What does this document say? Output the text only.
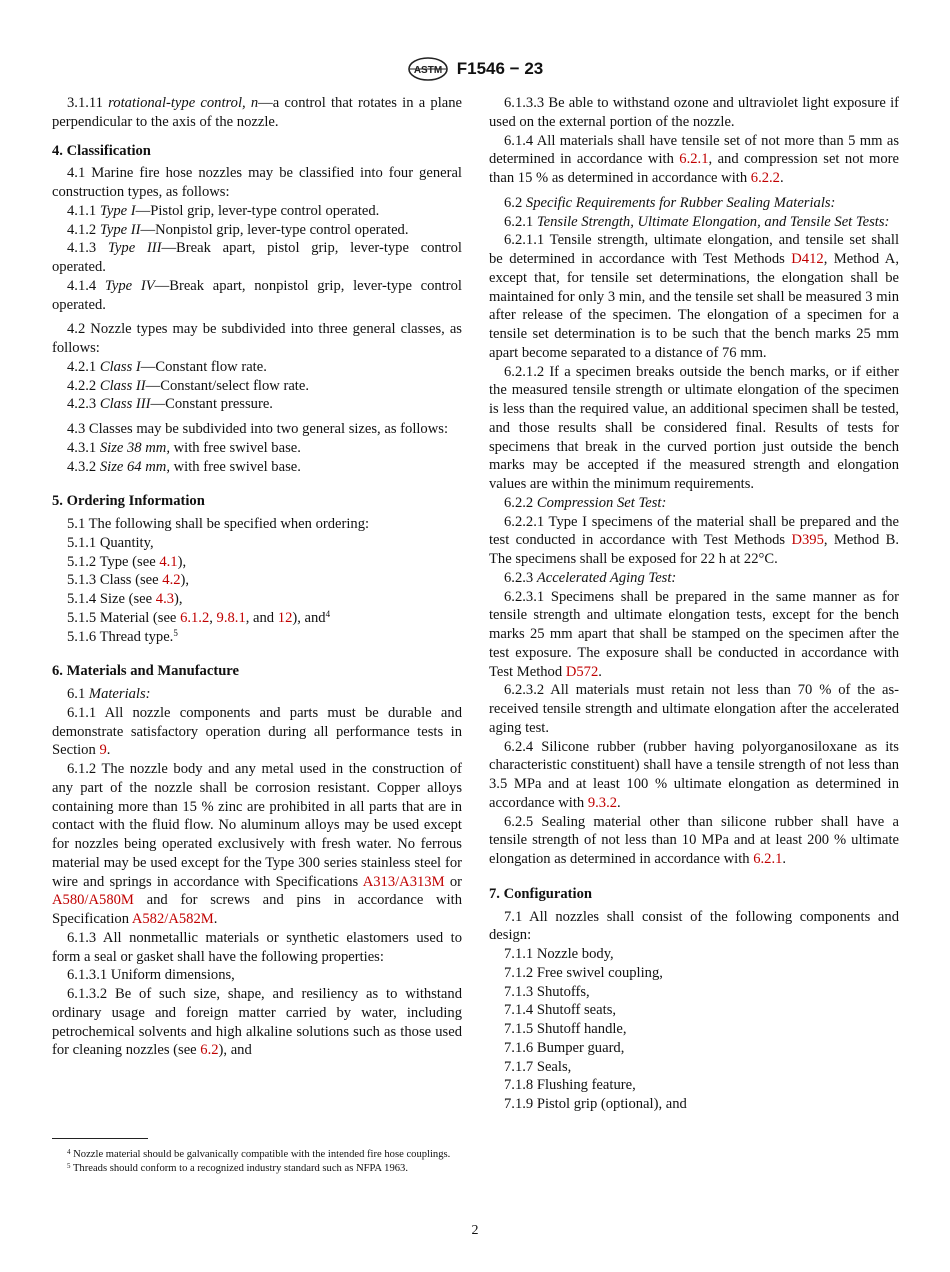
ASTM F1546 − 23

3.1.11 rotational-type control, n—a control that rotates in a plane perpendicular to the axis of the nozzle.

4. Classification

4.1 Marine fire hose nozzles may be classified into four general construction types, as follows:

4.1.1 Type I—Pistol grip, lever-type control operated.

4.1.2 Type II—Nonpistol grip, lever-type control operated.

4.1.3 Type III—Break apart, pistol grip, lever-type control operated.

4.1.4 Type IV—Break apart, nonpistol grip, lever-type control operated.

4.2 Nozzle types may be subdivided into three general classes, as follows:

4.2.1 Class I—Constant flow rate.

4.2.2 Class II—Constant/select flow rate.

4.2.3 Class III—Constant pressure.

4.3 Classes may be subdivided into two general sizes, as follows:

4.3.1 Size 38 mm, with free swivel base.

4.3.2 Size 64 mm, with free swivel base.

5. Ordering Information

5.1 The following shall be specified when ordering:

5.1.1 Quantity,

5.1.2 Type (see 4.1),

5.1.3 Class (see 4.2),

5.1.4 Size (see 4.3),

5.1.5 Material (see 6.1.2, 9.8.1, and 12), and$^4$

5.1.6 Thread type.$^5$

6. Materials and Manufacture

6.1 Materials:

6.1.1 All nozzle components and parts must be durable and demonstrate satisfactory operation during all performance tests in Section 9.

6.1.2 The nozzle body and any metal used in the construction of any part of the nozzle shall be corrosion resistant. Copper alloys containing more than 15 % zinc are prohibited in all parts that are in contact with the fluid flow. No aluminum alloys may be used except for nozzles being operated exclusively with fresh water. No ferrous material may be used except for the Type 300 series stainless steel for wire and springs in accordance with Specifications A313/A313M or A580/A580M and for screws and pins in accordance with Specification A582/A582M.

6.1.3 All nonmetallic materials or synthetic elastomers used to form a seal or gasket shall have the following properties:

6.1.3.1 Uniform dimensions,

6.1.3.2 Be of such size, shape, and resiliency as to withstand ordinary usage and foreign matter carried by water, including petrochemical solvents and high alkaline solutions such as those used for cleaning nozzles (see 6.2), and

6.1.3.3 Be able to withstand ozone and ultraviolet light exposure if used on the external portion of the nozzle.

6.1.4 All materials shall have tensile set of not more than 5 mm as determined in accordance with 6.2.1, and compression set not more than 15 % as determined in accordance with 6.2.2.

6.2 Specific Requirements for Rubber Sealing Materials:

6.2.1 Tensile Strength, Ultimate Elongation, and Tensile Set Tests:

6.2.1.1 Tensile strength, ultimate elongation, and tensile set shall be determined in accordance with Test Methods D412, Method A, except that, for tensile set determinations, the elongation shall be maintained for only 3 min, and the tensile set shall be measured 3 min after release of the specimen. The elongation of a specimen for a tensile set determination is to be such that the bench marks 25 mm apart become separated to a distance of 76 mm.

6.2.1.2 If a specimen breaks outside the bench marks, or if either the measured tensile strength or ultimate elongation of the specimen is less than the required value, an additional specimen shall be tested, and those results shall be considered final. Results of tests for specimens that break in the curved portion just outside the bench marks may be accepted if the measured strength and elongation values are within the minimum requirements.

6.2.2 Compression Set Test:

6.2.2.1 Type I specimens of the material shall be prepared and the test conducted in accordance with Test Methods D395, Method B. The specimens shall be exposed for 22 h at 22°C.

6.2.3 Accelerated Aging Test:

6.2.3.1 Specimens shall be prepared in the same manner as for tensile strength and ultimate elongation tests, except for the bench marks 25 mm apart that shall be stamped on the specimen after the test exposure. The exposure shall be conducted in accordance with Test Method D572.

6.2.3.2 All materials must retain not less than 70 % of the as-received tensile strength and ultimate elongation after the accelerated aging test.

6.2.4 Silicone rubber (rubber having polyorganosiloxane as its characteristic constituent) shall have a tensile strength of not less than 3.5 MPa and at least 100 % ultimate elongation as determined in accordance with 9.3.2.

6.2.5 Sealing material other than silicone rubber shall have a tensile strength of not less than 10 MPa and at least 200 % ultimate elongation as determined in accordance with 6.2.1.

7. Configuration

7.1 All nozzles shall consist of the following components and design:

7.1.1 Nozzle body,

7.1.2 Free swivel coupling,

7.1.3 Shutoffs,

7.1.4 Shutoff seats,

7.1.5 Shutoff handle,

7.1.6 Bumper guard,

7.1.7 Seals,

7.1.8 Flushing feature,

7.1.9 Pistol grip (optional), and

$^4$ Nozzle material should be galvanically compatible with the intended fire hose couplings.

$^5$ Threads should conform to a recognized industry standard such as NFPA 1963.

2
